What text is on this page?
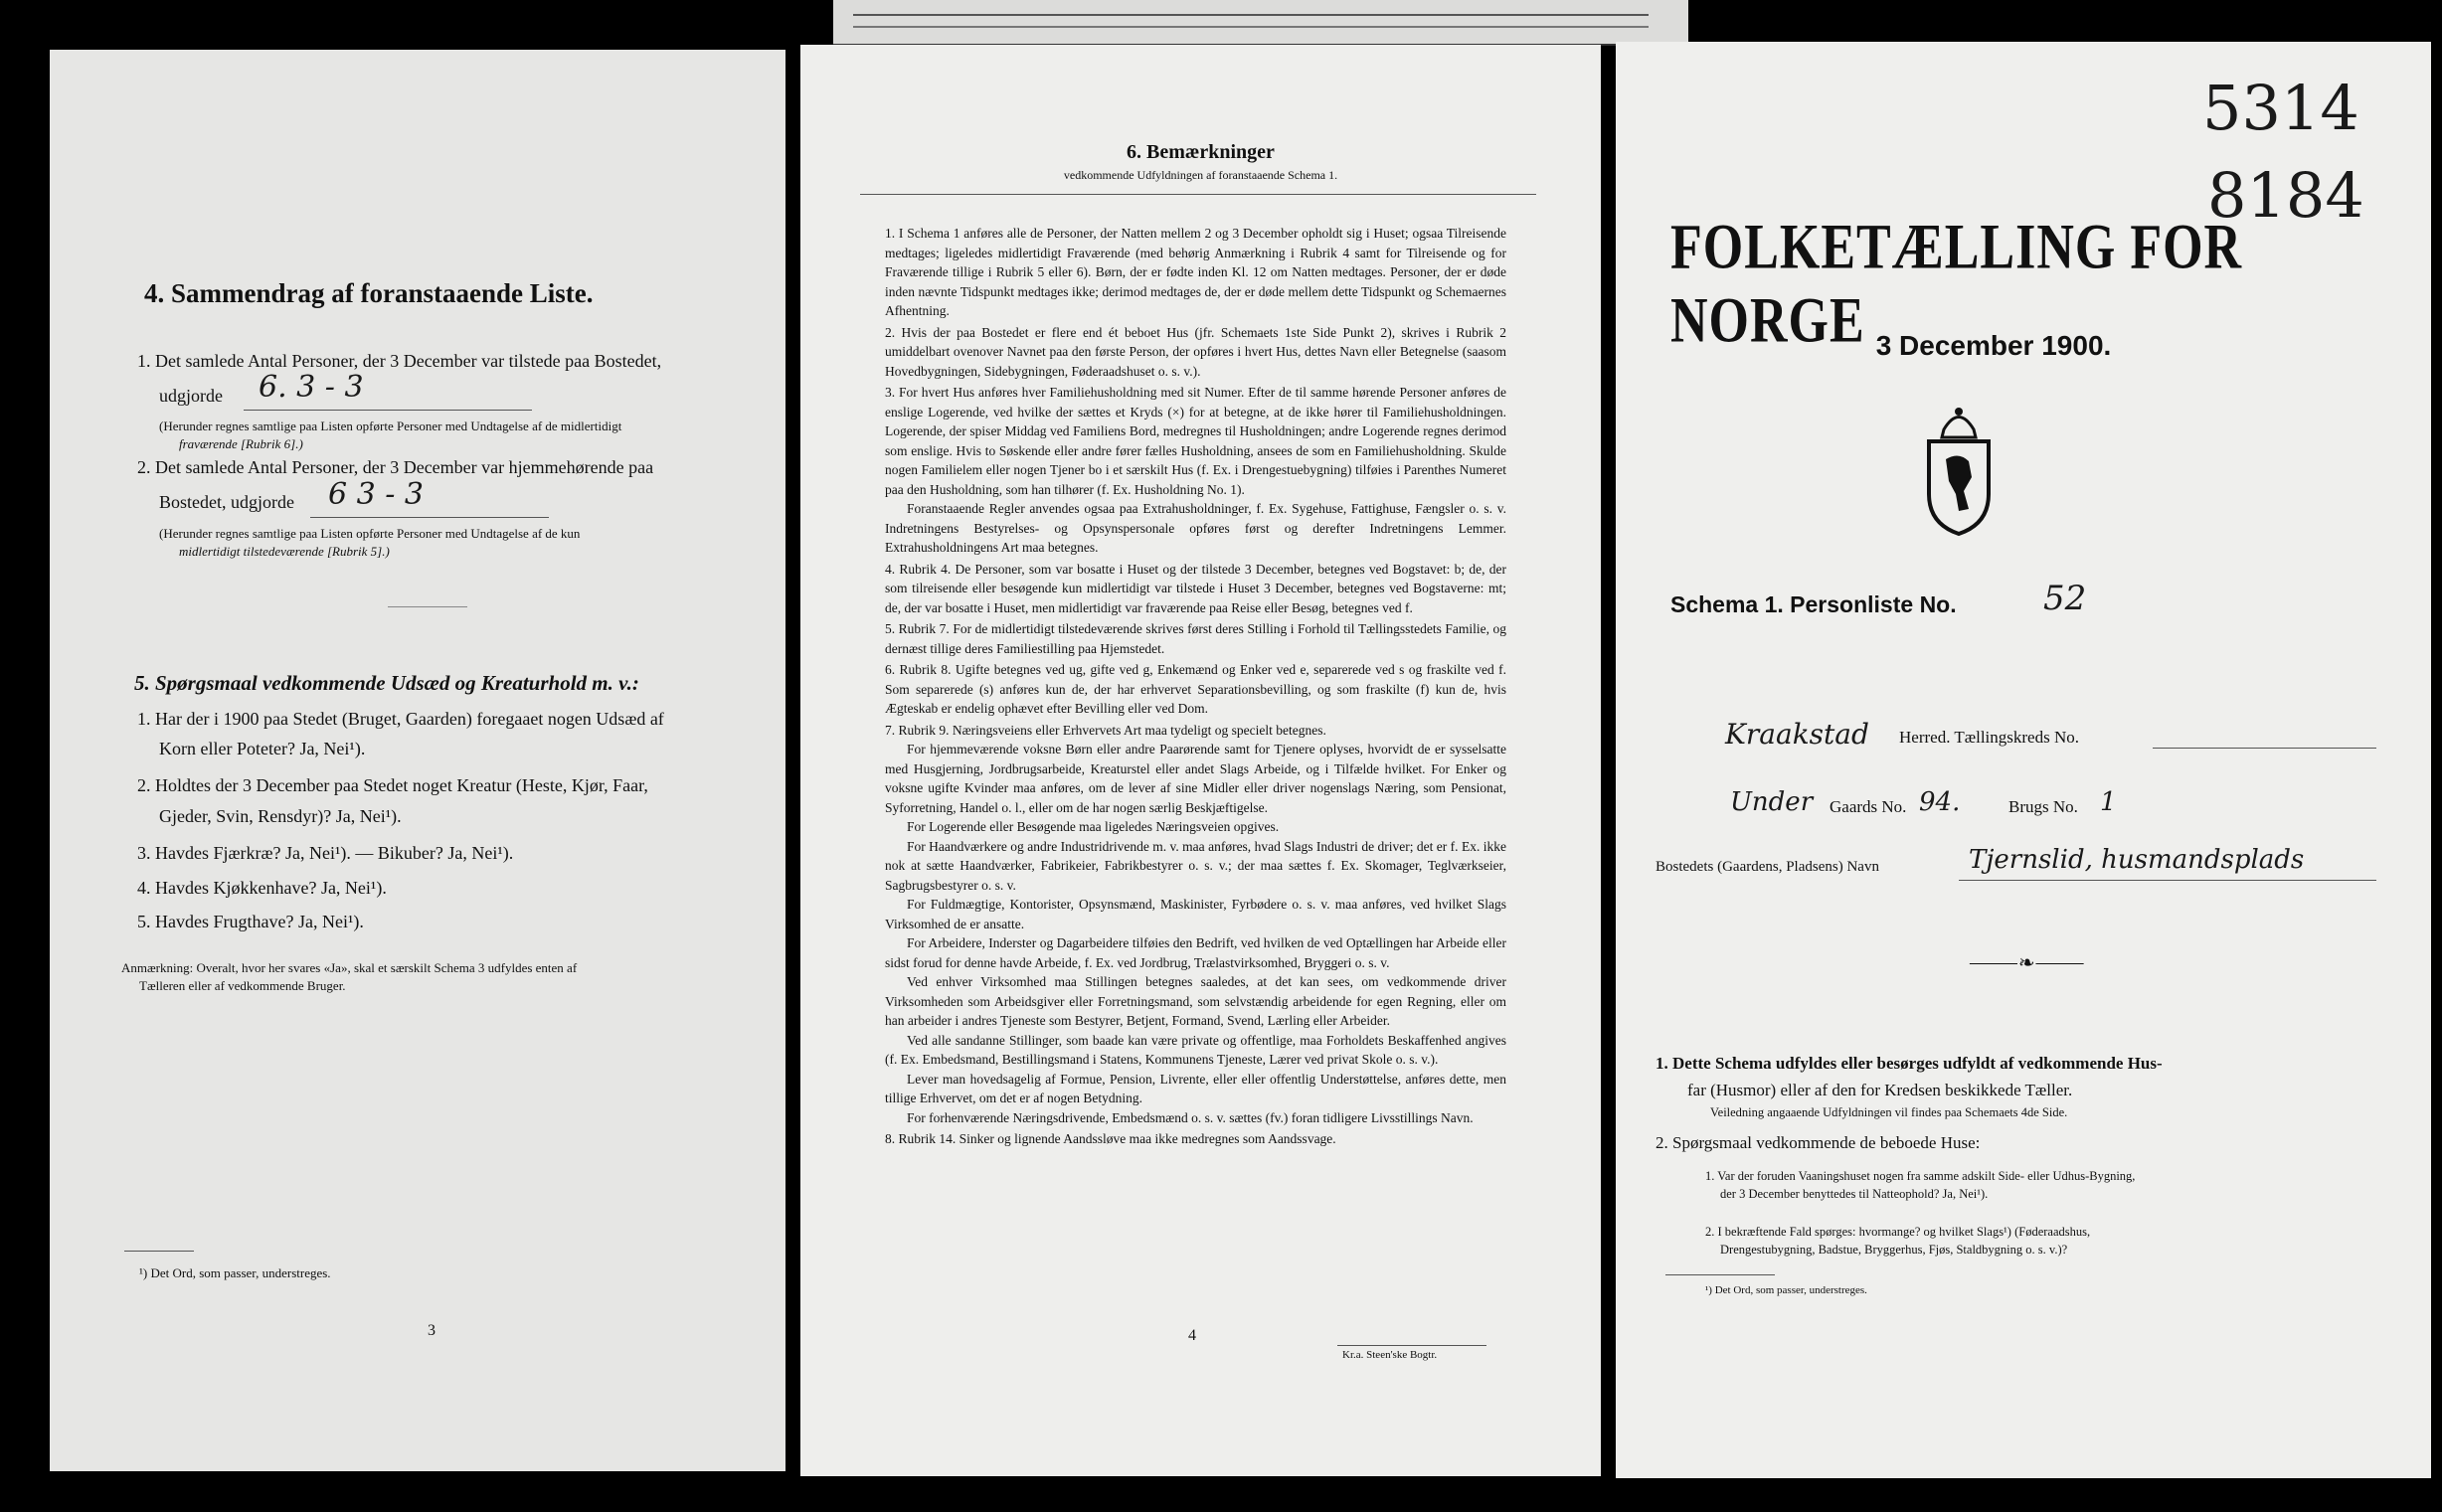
4. Sammendrag af foranstaaende Liste.
1. Det samlede Antal Personer, der 3 December var tilstede paa Bostedet,
udgjorde 6. 3 - 3
(Herunder regnes samtlige paa Listen opførte Personer med Undtagelse af de midlertidigt
fraværende [Rubrik 6].)
2. Det samlede Antal Personer, der 3 December var hjemmehørende paa
Bostedet, udgjorde 6 3 - 3
(Herunder regnes samtlige paa Listen opførte Personer med Undtagelse af de kun
midlertidigt tilstedeværende [Rubrik 5].)
5. Spørgsmaal vedkommende Udsæd og Kreaturhold m. v.:
1. Har der i 1900 paa Stedet (Bruget, Gaarden) foregaaet nogen Udsæd af
Korn eller Poteter? Ja, Nei¹).
2. Holdtes der 3 December paa Stedet noget Kreatur (Heste, Kjør, Faar,
Gjeder, Svin, Rensdyr)? Ja, Nei¹).
3. Havdes Fjærkræ? Ja, Nei¹). — Bikuber? Ja, Nei¹).
4. Havdes Kjøkkenhave? Ja, Nei¹).
5. Havdes Frugthave? Ja, Nei¹).
Anmærkning: Overalt, hvor her svares «Ja», skal et særskilt Schema 3 udfyldes enten af
Tælleren eller af vedkommende Bruger.
¹) Det Ord, som passer, understreges.
3
6. Bemærkninger
vedkommende Udfyldningen af foranstaaende Schema 1.

1. I Schema 1 anføres alle de Personer, der Natten mellem 2 og 3 December opholdt sig i Huset; ogsaa Tilreisende medtages; ligeledes midlertidigt Fraværende (med behørig Anmærkning i Rubrik 4 samt for Tilreisende og for Fraværende tillige i Rubrik 5 eller 6). Børn, der er fødte inden Kl. 12 om Natten medtages. Personer, der er døde inden nævnte Tidspunkt medtages ikke; derimod medtages de, der er døde mellem dette Tidspunkt og Schemaernes Afhentning.

2. Hvis der paa Bostedet er flere end ét beboet Hus (jfr. Schemaets 1ste Side Punkt 2), skrives i Rubrik 2 umiddelbart ovenover Navnet paa den første Person, der opføres i hvert Hus, dettes Navn eller Betegnelse (saasom Hovedbygningen, Sidebygningen, Føderaadshuset o. s. v.).

3. For hvert Hus anføres hver Familiehusholdning med sit Numer. Efter de til samme hørende Personer anføres de enslige Logerende, ved hvilke der sættes et Kryds (×) for at betegne, at de ikke hører til Familiehusholdningen. Logerende, der spiser Middag ved Familiens Bord, medregnes til Husholdningen; andre Logerende regnes derimod som enslige. Hvis to Søskende eller andre fører fælles Husholdning, ansees de som en Familiehusholdning. Skulde nogen Familielem eller nogen Tjener bo i et særskilt Hus (f. Ex. i Drengestuebygning) tilføies i Parenthes Numeret paa den Husholdning, som han tilhører (f. Ex. Husholdning No. 1).

Foranstaaende Regler anvendes ogsaa paa Extrahusholdninger, f. Ex. Sygehuse, Fattighuse, Fængsler o. s. v. Indretningens Bestyrelses- og Opsynspersonale opføres først og derefter Indretningens Lemmer. Extrahusholdningens Art maa betegnes.

4. Rubrik 4. De Personer, som var bosatte i Huset og der tilstede 3 December, betegnes ved Bogstavet: b; de, der som tilreisende eller besøgende kun midlertidigt var tilstede i Huset 3 December, betegnes ved Bogstaverne: mt; de, der var bosatte i Huset, men midlertidigt var fraværende paa Reise eller Besøg, betegnes ved f.

5. Rubrik 7. For de midlertidigt tilstedeværende skrives først deres Stilling i Forhold til Tællingsstedets Familie, og dernæst tillige deres Familiestilling paa Hjemstedet.

6. Rubrik 8. Ugifte betegnes ved ug, gifte ved g, Enkemænd og Enker ved e, separerede ved s og fraskilte ved f. Som separerede (s) anføres kun de, der har erhvervet Separationsbevilling, og som fraskilte (f) kun de, hvis Ægteskab er endelig ophævet efter Bevilling eller ved Dom.

7. Rubrik 9. Næringsveiens eller Erhvervets Art maa tydeligt og specielt betegnes.

For hjemmeværende voksne Børn eller andre Paarørende samt for Tjenere oplyses, hvorvidt de er sysselsatte med Husgjerning, Jordbrugsarbeide, Kreaturstel eller andet Slags Arbeide, og i Tilfælde hvilket. For Enker og voksne ugifte Kvinder maa anføres, om de lever af sine Midler eller driver nogenslags Næring, som Pensionat, Syforretning, Handel o. l., eller om de har nogen særlig Beskjæftigelse.

For Logerende eller Besøgende maa ligeledes Næringsveien opgives.

For Haandværkere og andre Industridrivende m. v. maa anføres, hvad Slags Industri de driver; det er f. Ex. ikke nok at sætte Haandværker, Fabrikeier, Fabrikbestyrer o. s. v.; der maa sættes f. Ex. Skomager, Teglværkseier, Sagbrugsbestyrer o. s. v.

For Fuldmægtige, Kontorister, Opsynsmænd, Maskinister, Fyrbødere o. s. v. maa anføres, ved hvilket Slags Virksomhed de er ansatte.

For Arbeidere, Inderster og Dagarbeidere tilføies den Bedrift, ved hvilken de ved Optællingen har Arbeide eller sidst forud for denne havde Arbeide, f. Ex. ved Jordbrug, Trælastvirksomhed, Bryggeri o. s. v.

Ved enhver Virksomhed maa Stillingen betegnes saaledes, at det kan sees, om vedkommende driver Virksomheden som Arbeidsgiver eller Forretningsmand, som selvstændig arbeidende for egen Regning, eller om han arbeider i andres Tjeneste som Bestyrer, Betjent, Formand, Svend, Lærling eller Arbeider.

Ved alle sandanne Stillinger, som baade kan være private og offentlige, maa Forholdets Beskaffenhed angives (f. Ex. Embedsmand, Bestillingsmand i Statens, Kommunens Tjeneste, Lærer ved privat Skole o. s. v.).

Lever man hovedsagelig af Formue, Pension, Livrente, eller eller offentlig Understøttelse, anføres dette, men tillige Erhvervet, om det er af nogen Betydning.

For forhenværende Næringsdrivende, Embedsmænd o. s. v. sættes (fv.) foran tidligere Livsstillings Navn.

8. Rubrik 14. Sinker og lignende Aandssløve maa ikke medregnes som Aandssvage.

4
Kr.a. Steen'ske Bogtr.
5314
8184
FOLKETÆLLING FOR NORGE 3 December 1900.
Schema 1. Personliste No.	52
Kraakstad Herred. Tællingskreds No.
Under Gaards No. 94.	Brugs No. 1
Bostedets (Gaardens, Pladsens) Navn	Tjernslid, husmandsplads
⸻❧⸻
1. Dette Schema udfyldes eller besørges udfyldt af vedkommende Hus-
far (Husmor) eller af den for Kredsen beskikkede Tæller.
Veiledning angaaende Udfyldningen vil findes paa Schemaets 4de Side.
2. Spørgsmaal vedkommende de beboede Huse:
1. Var der foruden Vaaningshuset nogen fra samme adskilt Side- eller Udhus-Bygning,
der 3 December benyttedes til Natteophold? Ja, Nei¹).
2. I bekræftende Fald spørges: hvormange? og hvilket Slags¹) (Føderaadshus,
Drengestubygning, Badstue, Bryggerhus, Fjøs, Staldbygning o. s. v.)?
¹) Det Ord, som passer, understreges.
